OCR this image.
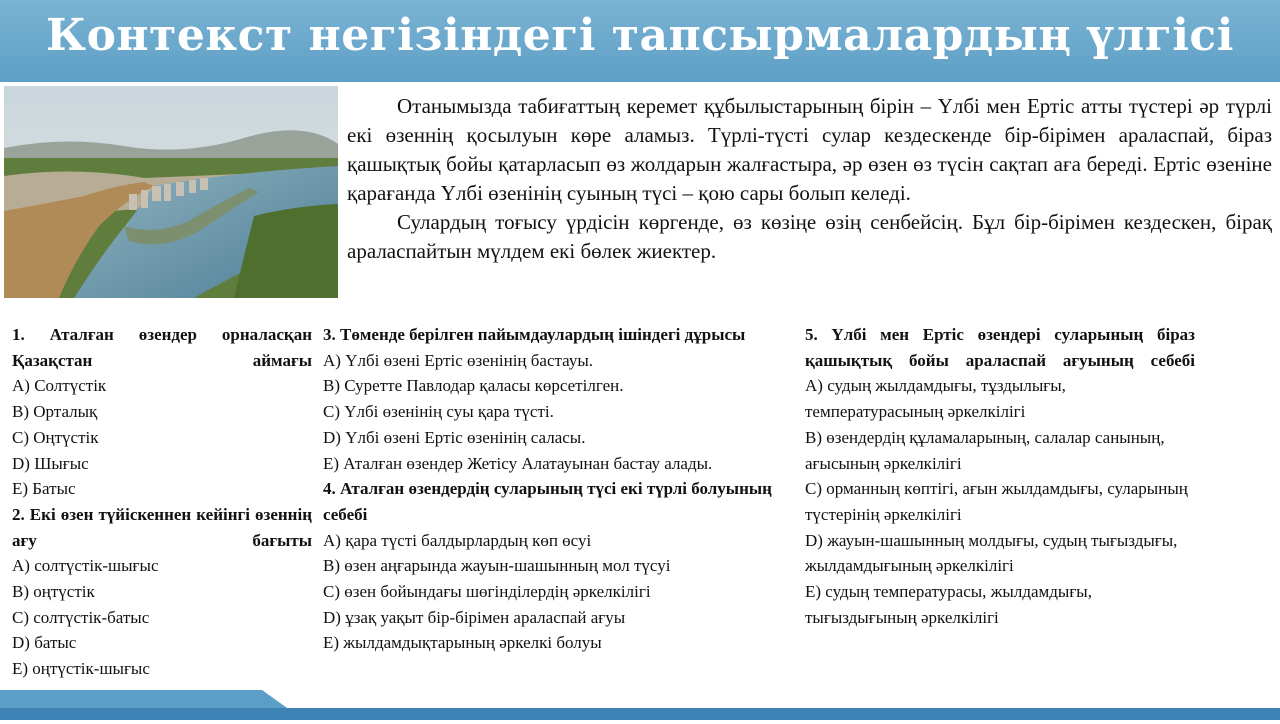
Контекст негізіндегі тапсырмалардың үлгісі

Отанымызда табиғаттың керемет құбылыстарының бірін – Үлбі мен Ертіс атты түстері әр түрлі екі өзеннің қосылуын көре аламыз. Түрлі-түсті сулар кездескенде бір-бірімен араласпай, біраз қашықтық бойы қатарласып өз жолдарын жалғастыра, әр өзен өз түсін сақтап аға береді. Ертіс өзеніне қарағанда Үлбі өзенінің суының түсі – қою сары болып келеді.

Сулардың тоғысу үрдісін көргенде, өз көзіңе өзің сенбейсің. Бұл бір-бірімен кездескен, бірақ араласпайтын мүлдем екі бөлек жиектер.

1. Аталған өзендер орналасқан Қазақстан аймағы
A) Солтүстік
B) Орталық
C) Оңтүстік
D) Шығыс
E) Батыс
2. Екі өзен түйіскеннен кейінгі өзеннің ағу бағыты
A) солтүстік-шығыс
B) оңтүстік
C) солтүстік-батыс
D) батыс
E) оңтүстік-шығыс
3. Төменде берілген пайымдаулардың ішіндегі дұрысы
A) Үлбі өзені Ертіс өзенінің бастауы.
B) Суретте Павлодар қаласы көрсетілген.
C) Үлбі өзенінің суы қара түсті.
D) Үлбі өзені Ертіс өзенінің саласы.
E) Аталған өзендер Жетісу Алатауынан бастау алады.
4. Аталған өзендердің суларының түсі екі түрлі болуының себебі
A) қара түсті балдырлардың көп өсуі
B) өзен аңғарында жауын-шашынның мол түсуі
C) өзен бойындағы шөгінділердің әркелкілігі
D) ұзақ уақыт бір-бірімен араласпай ағуы
E) жылдамдықтарының әркелкі болуы
5. Үлбі мен Ертіс өзендері суларының біраз қашықтық бойы араласпай ағуының себебі
A) судың жылдамдығы, тұздылығы, температурасының әркелкілігі
B) өзендердің құламаларының, салалар санының, ағысының әркелкілігі
C) орманның көптігі, ағын жылдамдығы, суларының түстерінің әркелкілігі
D) жауын-шашынның молдығы, судың тығыздығы, жылдамдығының әркелкілігі
E) судың температурасы, жылдамдығы, тығыздығының әркелкілігі
